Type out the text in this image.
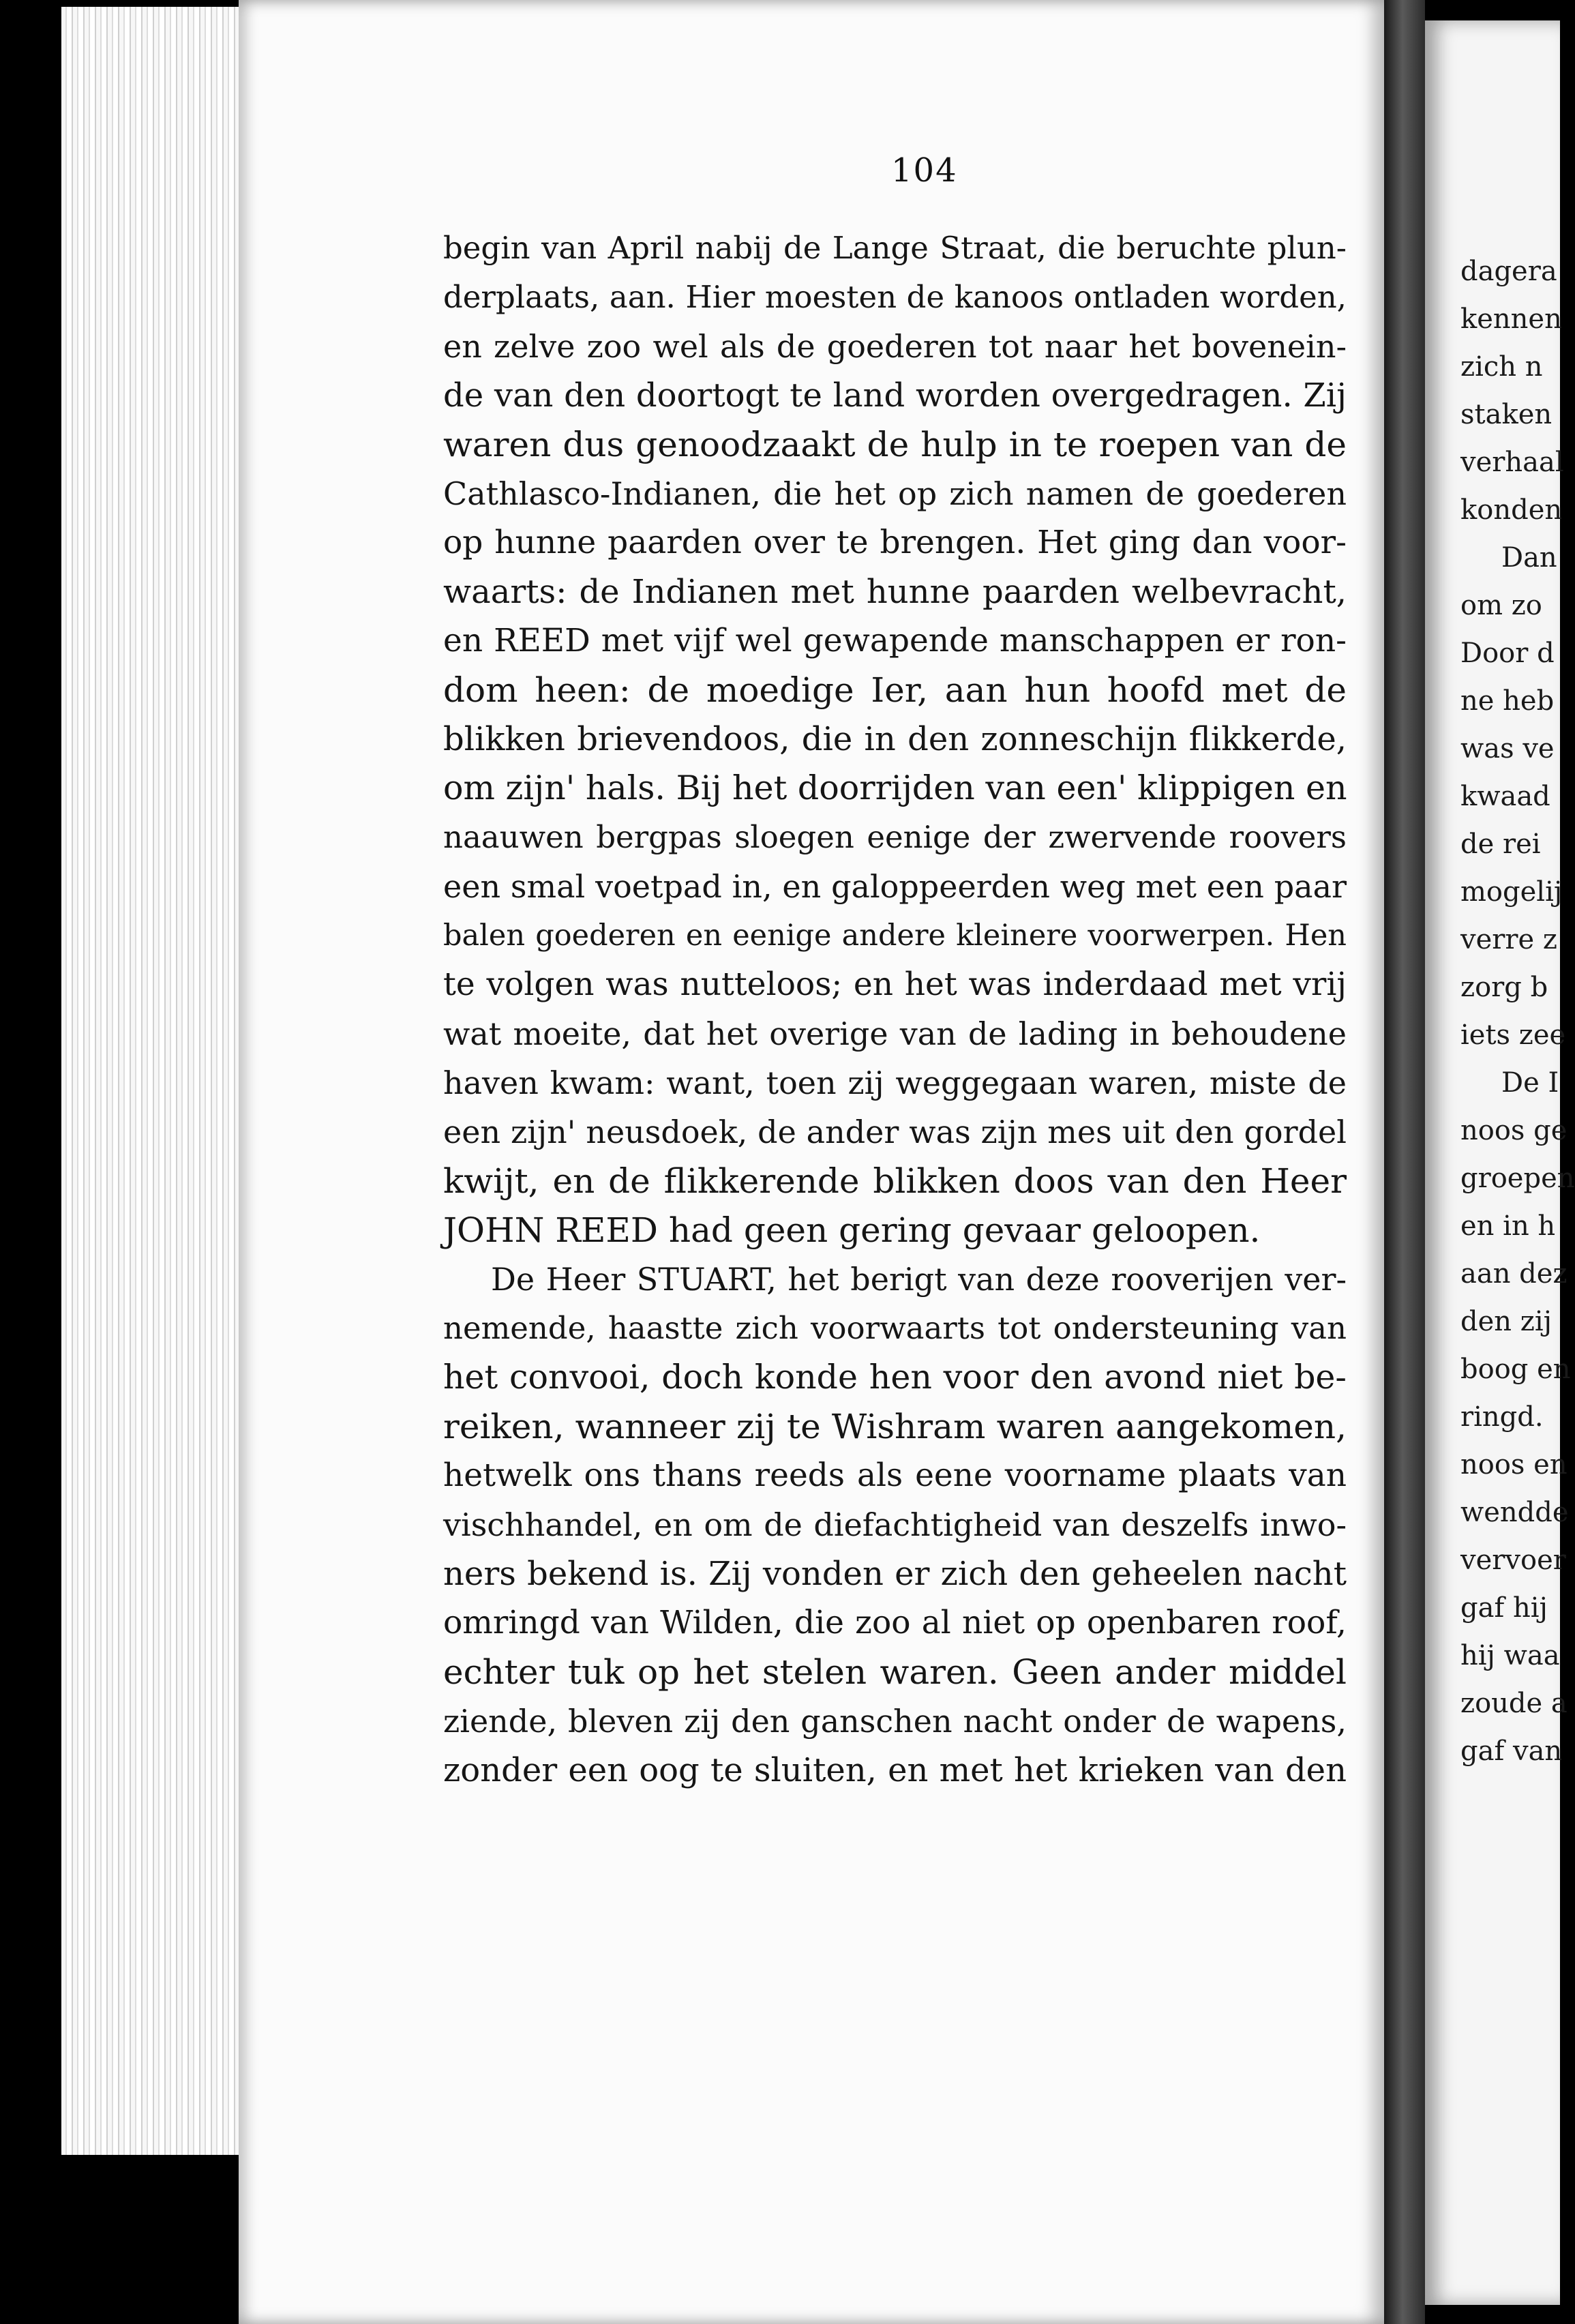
104

begin van April nabij de Lange Straat, die beruchte plun-

derplaats, aan. Hier moesten de kanoos ontladen worden,

en zelve zoo wel als de goederen tot naar het bovenein-

de van den doortogt te land worden overgedragen. Zij

waren dus genoodzaakt de hulp in te roepen van de

Cathlasco-Indianen, die het op zich namen de goederen

op hunne paarden over te brengen. Het ging dan voor-

waarts: de Indianen met hunne paarden welbevracht,

en REED met vijf wel gewapende manschappen er ron-

dom heen: de moedige Ier, aan hun hoofd met de

blikken brievendoos, die in den zonneschijn flikkerde,

om zijn' hals. Bij het doorrijden van een' klippigen en

naauwen bergpas sloegen eenige der zwervende roovers

een smal voetpad in, en galoppeerden weg met een paar

balen goederen en eenige andere kleinere voorwerpen. Hen

te volgen was nutteloos; en het was inderdaad met vrij

wat moeite, dat het overige van de lading in behoudene

haven kwam: want, toen zij weggegaan waren, miste de

een zijn' neusdoek, de ander was zijn mes uit den gordel

kwijt, en de flikkerende blikken doos van den Heer

JOHN REED had geen gering gevaar geloopen.

De Heer STUART, het berigt van deze rooverijen ver-

nemende, haastte zich voorwaarts tot ondersteuning van

het convooi, doch konde hen voor den avond niet be-

reiken, wanneer zij te Wishram waren aangekomen,

hetwelk ons thans reeds als eene voorname plaats van

vischhandel, en om de diefachtigheid van deszelfs inwo-

ners bekend is. Zij vonden er zich den geheelen nacht

omringd van Wilden, die zoo al niet op openbaren roof,

echter tuk op het stelen waren. Geen ander middel

ziende, bleven zij den ganschen nacht onder de wapens,

zonder een oog te sluiten, en met het krieken van den

dagera

kennen

zich n

staken

verhaal

konden

Dan

om zo

Door d

ne heb

was ve

kwaad

de rei

mogelij

verre z

zorg b

iets zee

De I

noos ge

groepen

en in h

aan dez

den zij

boog en

ringd.

noos en

wendde

vervoer

gaf hij

hij waa

zoude a

gaf van
